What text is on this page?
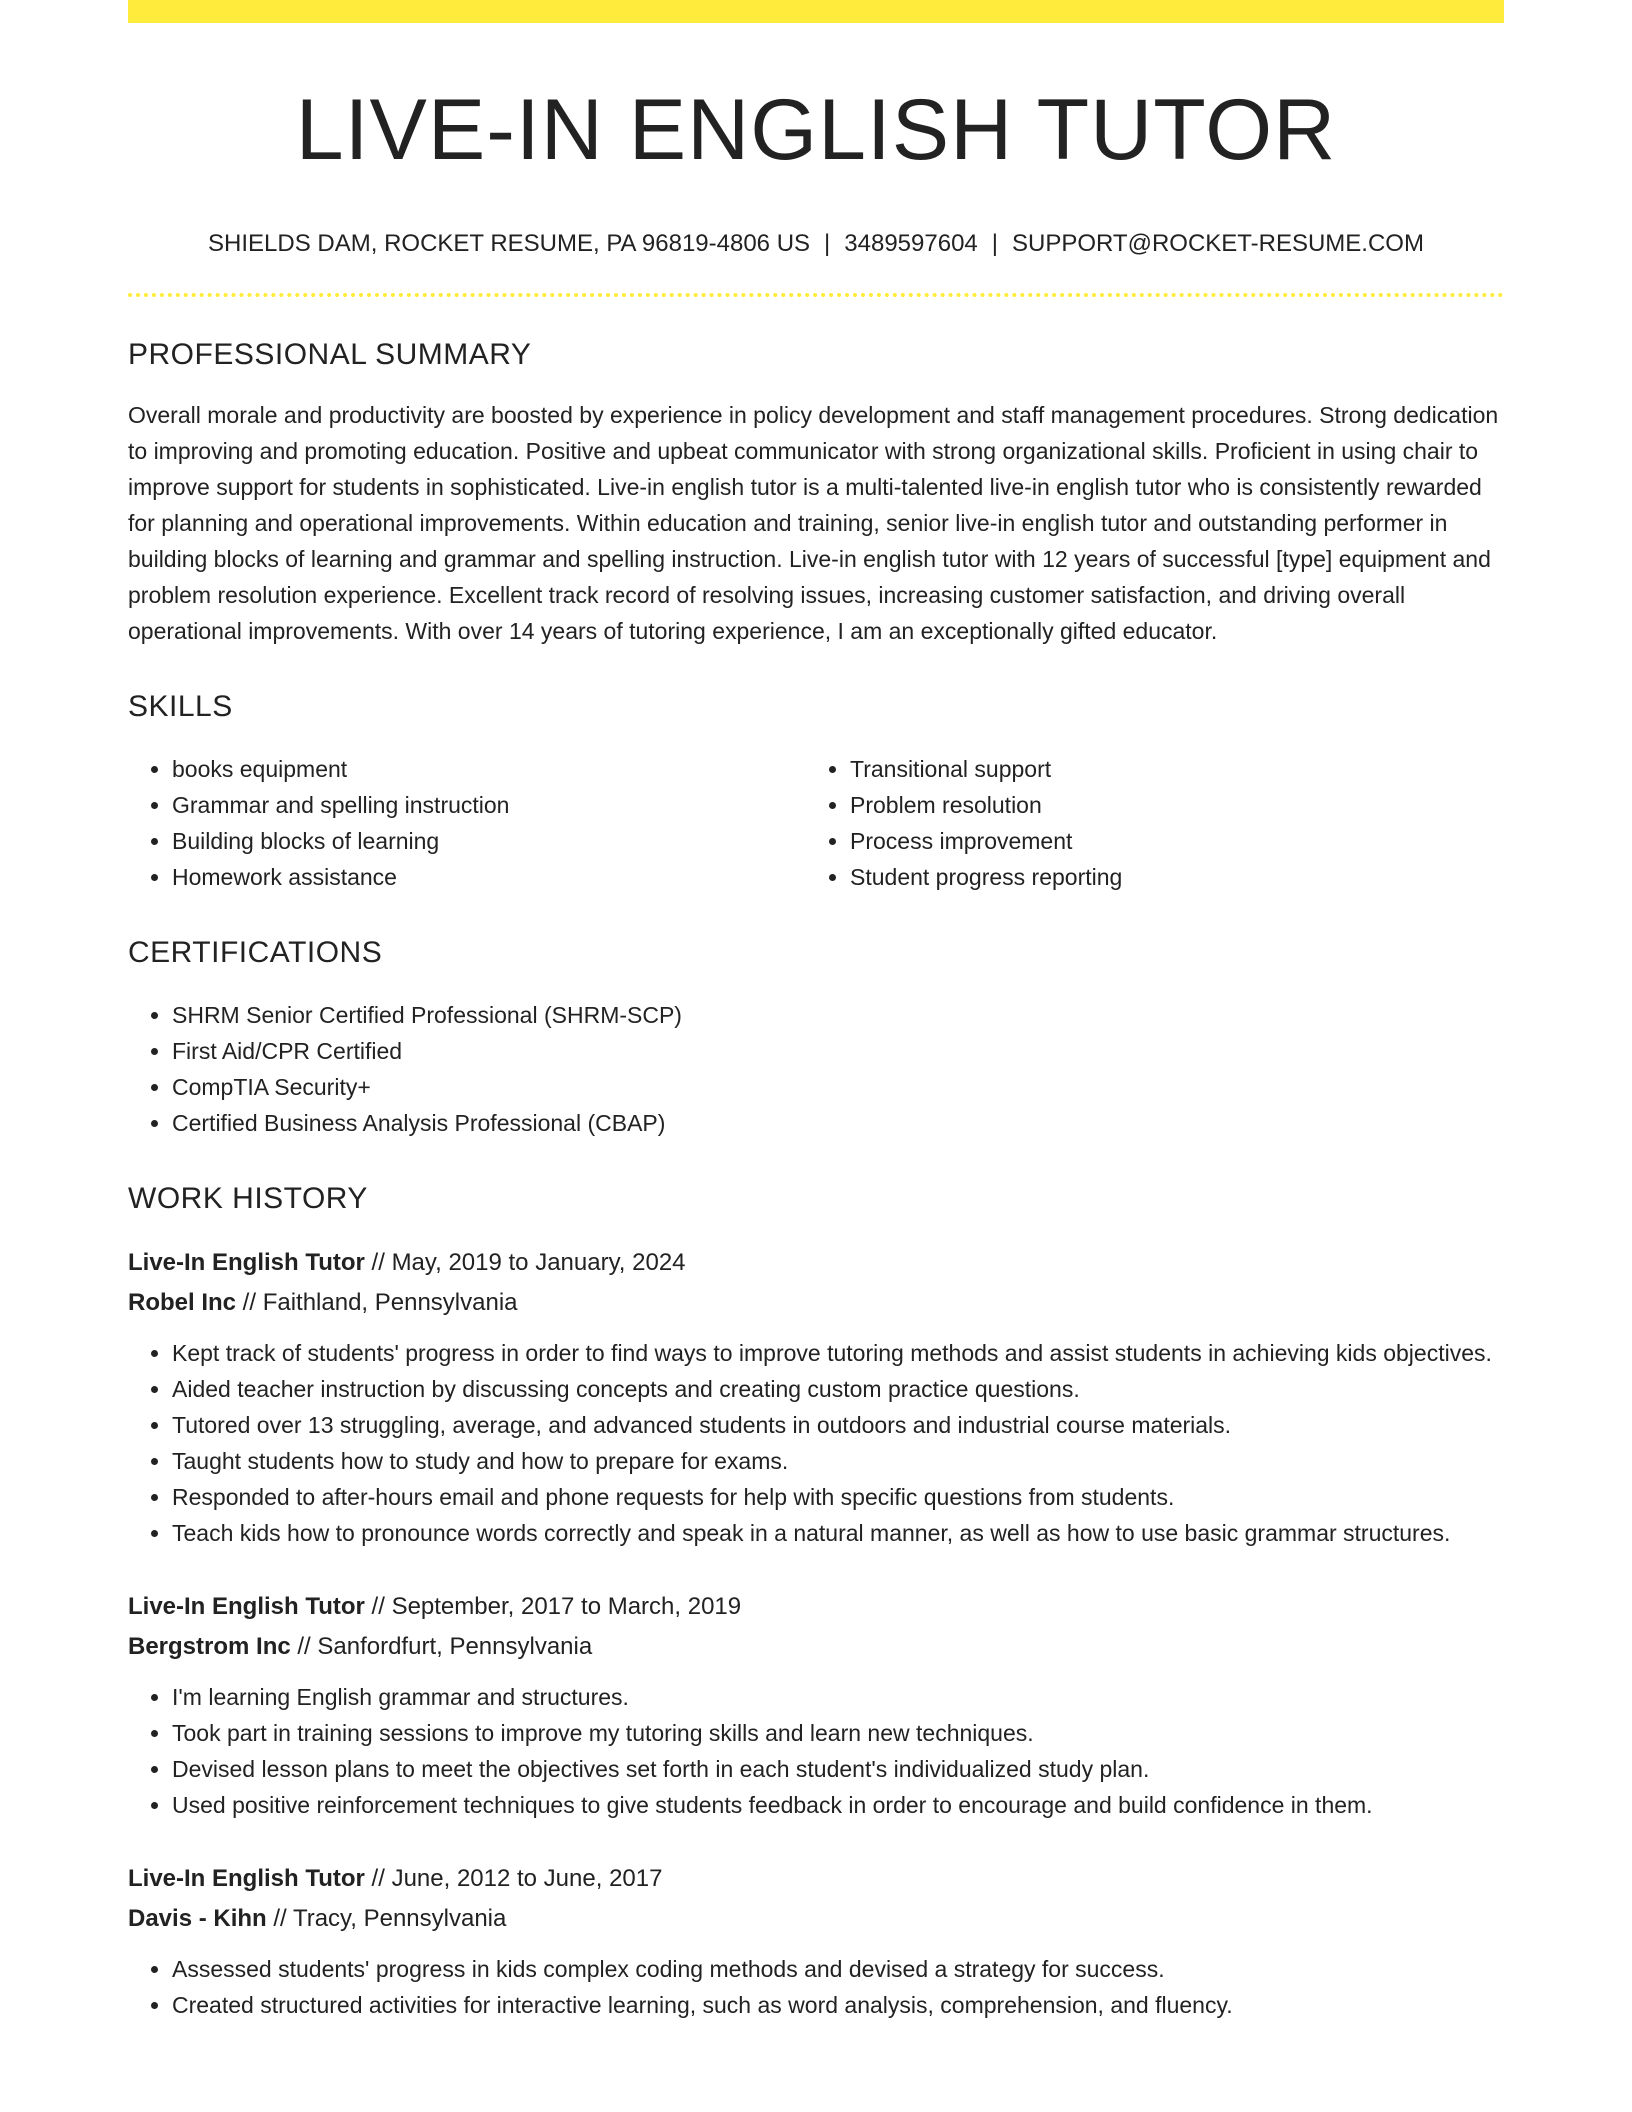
LIVE-IN ENGLISH TUTOR
SHIELDS DAM, ROCKET RESUME, PA 96819-4806 US | 3489597604 | SUPPORT@ROCKET-RESUME.COM
PROFESSIONAL SUMMARY
Overall morale and productivity are boosted by experience in policy development and staff management procedures. Strong dedication to improving and promoting education. Positive and upbeat communicator with strong organizational skills. Proficient in using chair to improve support for students in sophisticated. Live-in english tutor is a multi-talented live-in english tutor who is consistently rewarded for planning and operational improvements. Within education and training, senior live-in english tutor and outstanding performer in building blocks of learning and grammar and spelling instruction. Live-in english tutor with 12 years of successful [type] equipment and problem resolution experience. Excellent track record of resolving issues, increasing customer satisfaction, and driving overall operational improvements. With over 14 years of tutoring experience, I am an exceptionally gifted educator.
SKILLS
• books equipment
• Grammar and spelling instruction
• Building blocks of learning
• Homework assistance
• Transitional support
• Problem resolution
• Process improvement
• Student progress reporting
CERTIFICATIONS
• SHRM Senior Certified Professional (SHRM-SCP)
• First Aid/CPR Certified
• CompTIA Security+
• Certified Business Analysis Professional (CBAP)
WORK HISTORY
Live-In English Tutor // May, 2019 to January, 2024
Robel Inc // Faithland, Pennsylvania
• Kept track of students' progress in order to find ways to improve tutoring methods and assist students in achieving kids objectives.
• Aided teacher instruction by discussing concepts and creating custom practice questions.
• Tutored over 13 struggling, average, and advanced students in outdoors and industrial course materials.
• Taught students how to study and how to prepare for exams.
• Responded to after-hours email and phone requests for help with specific questions from students.
• Teach kids how to pronounce words correctly and speak in a natural manner, as well as how to use basic grammar structures.
Live-In English Tutor // September, 2017 to March, 2019
Bergstrom Inc // Sanfordfurt, Pennsylvania
• I'm learning English grammar and structures.
• Took part in training sessions to improve my tutoring skills and learn new techniques.
• Devised lesson plans to meet the objectives set forth in each student's individualized study plan.
• Used positive reinforcement techniques to give students feedback in order to encourage and build confidence in them.
Live-In English Tutor // June, 2012 to June, 2017
Davis - Kihn // Tracy, Pennsylvania
• Assessed students' progress in kids complex coding methods and devised a strategy for success.
• Created structured activities for interactive learning, such as word analysis, comprehension, and fluency.
